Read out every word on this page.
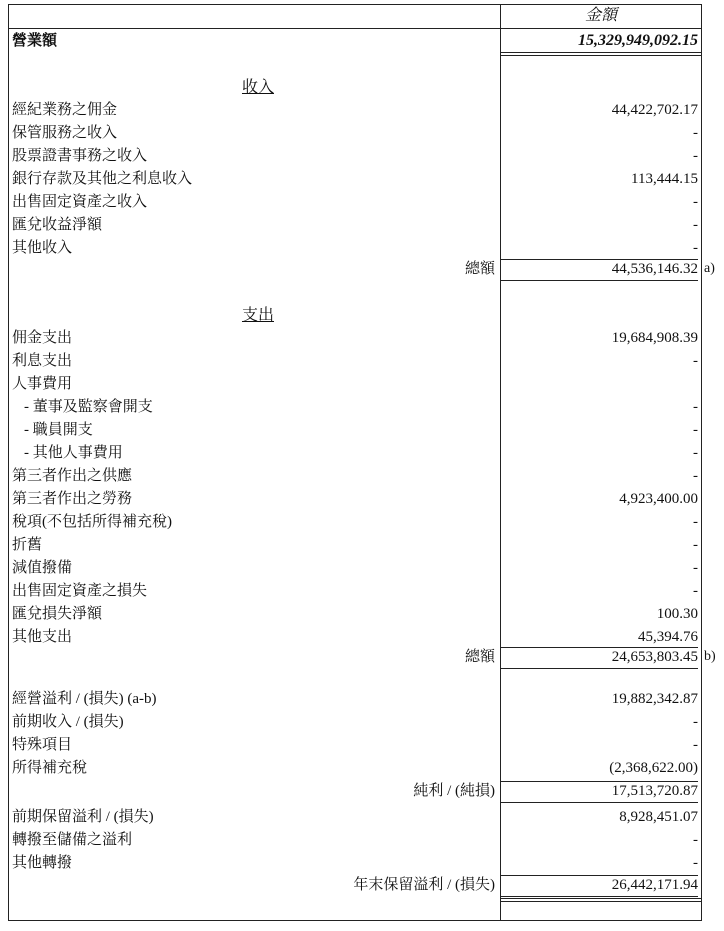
金額
營業額	15,329,949,092.15
收入
經紀業務之佣金	44,422,702.17
保管服務之收入	-
股票證書事務之收入	-
銀行存款及其他之利息收入	113,444.15
出售固定資產之收入	-
匯兌收益淨額	-
其他收入	-
總額	44,536,146.32 a)
支出
佣金支出	19,684,908.39
利息支出	-
人事費用
- 董事及監察會開支	-
- 職員開支	-
- 其他人事費用	-
第三者作出之供應	-
第三者作出之勞務	4,923,400.00
稅項(不包括所得補充稅)	-
折舊	-
減值撥備	-
出售固定資產之損失	-
匯兌損失淨額	100.30
其他支出	45,394.76
總額	24,653,803.45 b)
經營溢利 / (損失) (a-b)	19,882,342.87
前期收入 / (損失)	-
特殊項目	-
所得補充稅	(2,368,622.00)
純利 / (純損)	17,513,720.87
前期保留溢利 / (損失)	8,928,451.07
轉撥至儲備之溢利	-
其他轉撥	-
年末保留溢利 / (損失)	26,442,171.94
